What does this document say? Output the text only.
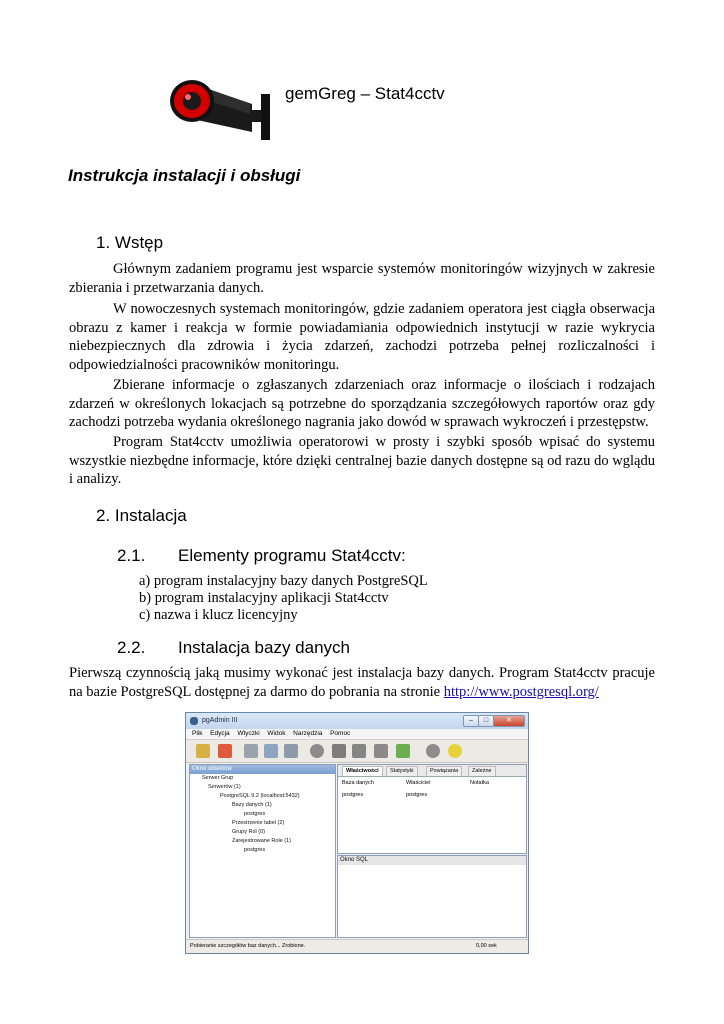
gemGreg – Stat4cctv
Instrukcja instalacji i obsługi
1. Wstęp
Głównym zadaniem programu jest wsparcie systemów monitoringów wizyjnych w zakresie zbierania i przetwarzania danych.
W nowoczesnych systemach monitoringów, gdzie zadaniem operatora jest ciągła obserwacja obrazu z kamer i reakcja w formie powiadamiania odpowiednich instytucji w razie wykrycia niebezpiecznych dla zdrowia i życia zdarzeń, zachodzi potrzeba pełnej rozliczalności i odpowiedzialności pracowników monitoringu.
Zbierane informacje o zgłaszanych zdarzeniach oraz informacje o ilościach i rodzajach zdarzeń w określonych lokacjach są potrzebne do sporządzania szczegółowych raportów oraz gdy zachodzi potrzeba wydania określonego nagrania jako dowód w sprawach wykroczeń i przestępstw.
Program Stat4cctv umożliwia operatorowi w prosty i szybki sposób wpisać do systemu wszystkie niezbędne informacje, które dzięki centralnej bazie danych dostępne są od razu do wglądu i analizy.
2. Instalacja
2.1. Elementy programu Stat4cctv:
a) program instalacyjny bazy danych PostgreSQL
b) program instalacyjny aplikacji Stat4cctv
c) nazwa i klucz licencyjny
2.2. Instalacja bazy danych
Pierwszą czynnością jaką musimy wykonać jest instalacja bazy danych. Program Stat4cctv pracuje na bazie PostgreSQL dostępnej za darmo do pobrania na stronie http://www.postgresql.org/
pgAdmin III	–	□	✕
Plik Edycja Wtyczki Widok Narzędzia Pomoc
Okno obiektów
Serwer Grup
Serwerów (1)
PostgreSQL 9.2 (localhost:5432)
Bazy danych (1)
postgres
Przestrzenie tabel (2)
Grupy Ról (0)
Zarejestrowane Role (1)
postgres
Właściwości	Statystyki	Powiązania	Zależne
Baza danych	Właściciel	Notatka
postgres	postgres
Okno SQL
Pobieranie szczegółów baz danych... Zrobione.	0,00 sek
